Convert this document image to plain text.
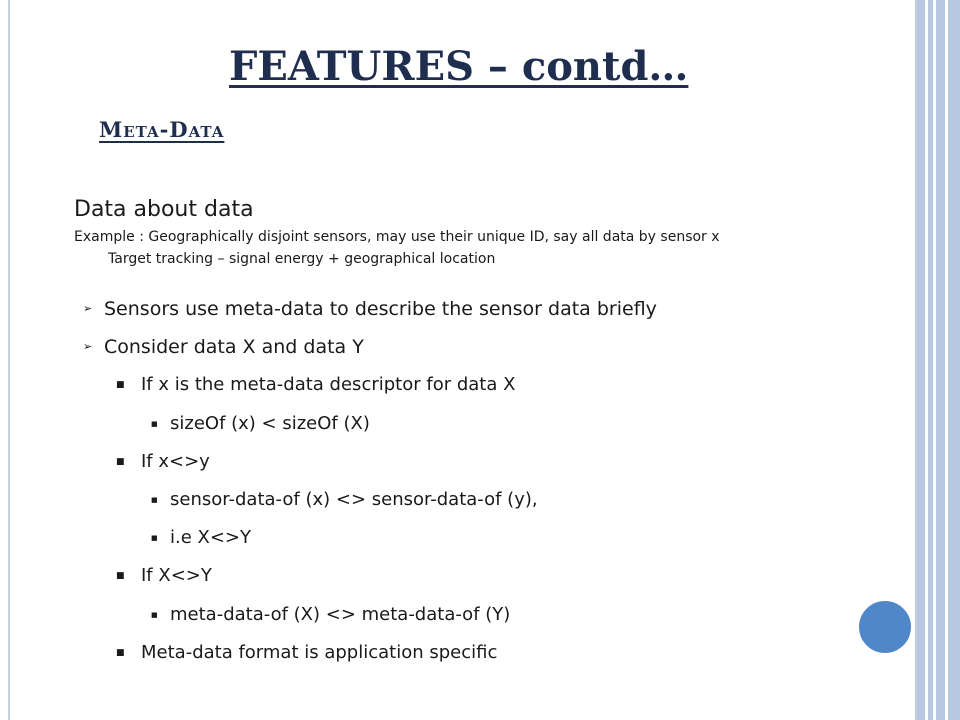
FEATURES – contd…
Meta-Data
Data about data
Example : Geographically disjoint sensors, may use their unique ID, say all data by sensor x
Target tracking – signal energy + geographical location
➢ Sensors use meta-data to describe the sensor data briefly
➢ Consider data X and data Y
■ If x is the meta-data descriptor for data X
■ sizeOf (x) < sizeOf (X)
■ If x<>y
■ sensor-data-of (x) <> sensor-data-of (y),
■ i.e X<>Y
■ If X<>Y
■ meta-data-of (X) <> meta-data-of (Y)
■ Meta-data format is application specific
